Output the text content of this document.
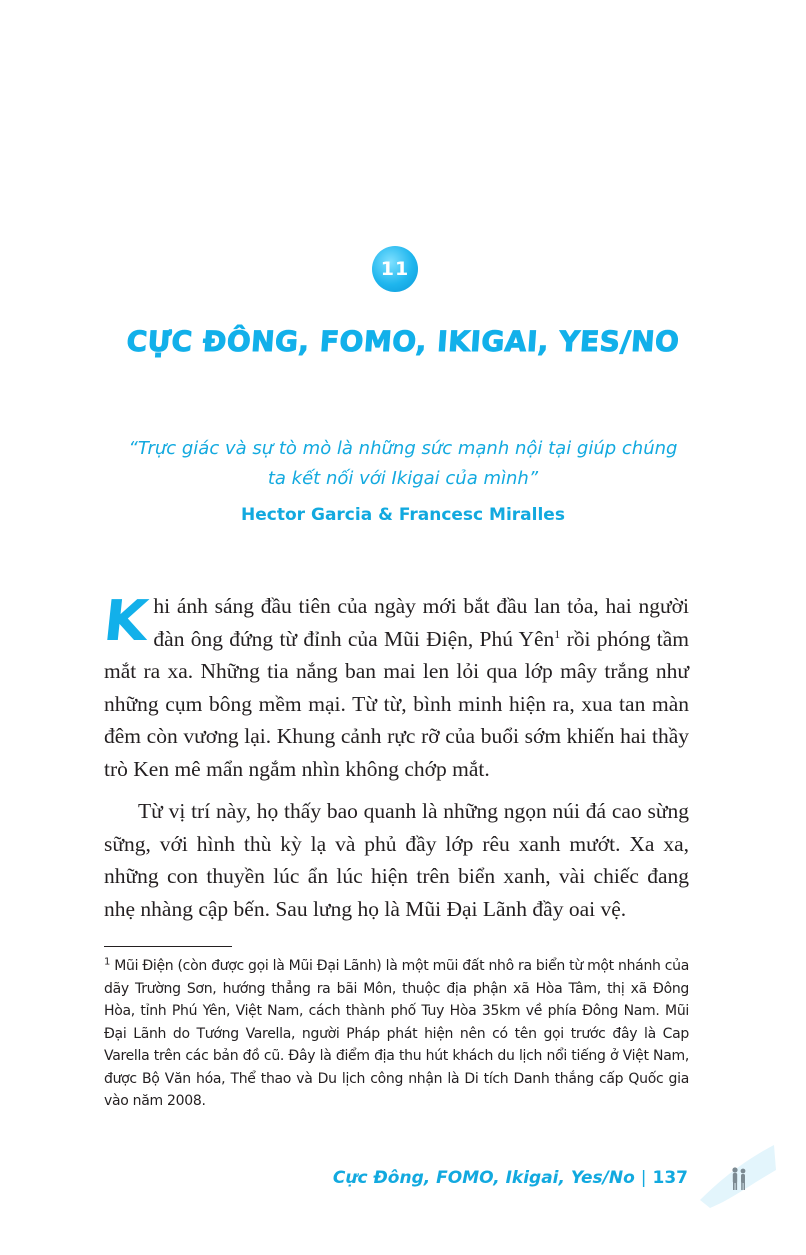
11
CỰC ĐÔNG, FOMO, IKIGAI, YES/NO
“Trực giác và sự tò mò là những sức mạnh nội tại giúp chúng ta kết nối với Ikigai của mình”
Hector Garcia & Francesc Miralles

Khi ánh sáng đầu tiên của ngày mới bắt đầu lan tỏa, hai người đàn ông đứng từ đỉnh của Mũi Điện, Phú Yên$^1$ rồi phóng tầm mắt ra xa. Những tia nắng ban mai len lỏi qua lớp mây trắng như những cụm bông mềm mại. Từ từ, bình minh hiện ra, xua tan màn đêm còn vương lại. Khung cảnh rực rỡ của buổi sớm khiến hai thầy trò Ken mê mẩn ngắm nhìn không chớp mắt.

Từ vị trí này, họ thấy bao quanh là những ngọn núi đá cao sừng sững, với hình thù kỳ lạ và phủ đầy lớp rêu xanh mướt. Xa xa, những con thuyền lúc ẩn lúc hiện trên biển xanh, vài chiếc đang nhẹ nhàng cập bến. Sau lưng họ là Mũi Đại Lãnh đầy oai vệ.

$^1$ Mũi Điện (còn được gọi là Mũi Đại Lãnh) là một mũi đất nhô ra biển từ một nhánh của dãy Trường Sơn, hướng thẳng ra bãi Môn, thuộc địa phận xã Hòa Tâm, thị xã Đông Hòa, tỉnh Phú Yên, Việt Nam, cách thành phố Tuy Hòa 35km về phía Đông Nam. Mũi Đại Lãnh do Tướng Varella, người Pháp phát hiện nên có tên gọi trước đây là Cap Varella trên các bản đồ cũ. Đây là điểm địa thu hút khách du lịch nổi tiếng ở Việt Nam, được Bộ Văn hóa, Thể thao và Du lịch công nhận là Di tích Danh thắng cấp Quốc gia vào năm 2008.
Cực Đông, FOMO, Ikigai, Yes/No | 137
